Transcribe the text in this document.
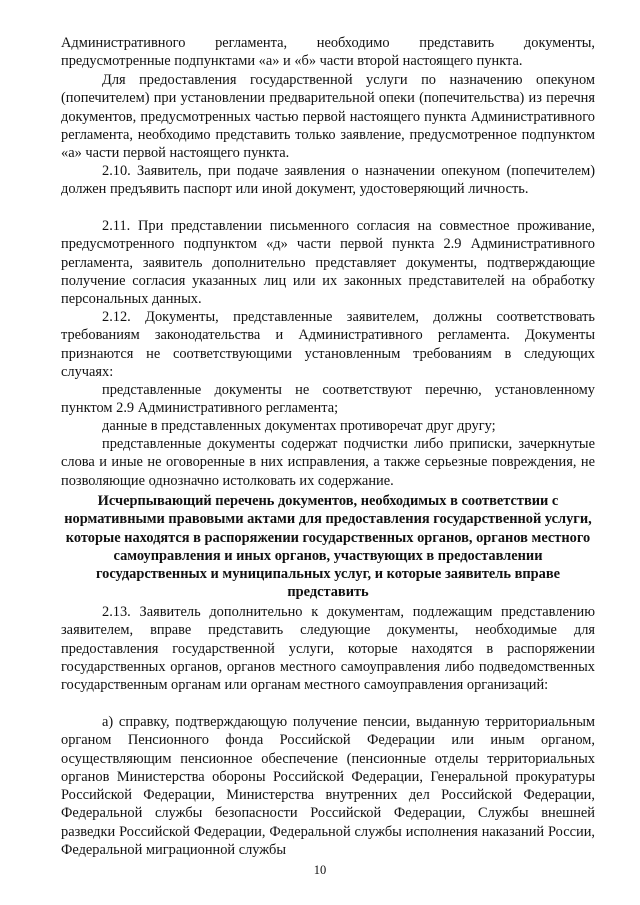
Административного регламента, необходимо представить документы, предусмотренные подпунктами «а» и «б» части второй настоящего пункта.

Для предоставления государственной услуги по назначению опекуном (попечителем) при установлении предварительной опеки (попечительства) из перечня документов, предусмотренных частью первой настоящего пункта Административного регламента, необходимо представить только заявление, предусмотренное подпунктом «а» части первой настоящего пункта.

2.10. Заявитель, при подаче заявления о назначении опекуном (попечителем) должен предъявить паспорт или иной документ, удостоверяющий личность.

2.11. При представлении письменного согласия на совместное проживание, предусмотренного подпунктом «д» части первой пункта 2.9 Административного регламента, заявитель дополнительно представляет документы, подтверждающие получение согласия указанных лиц или их законных представителей на обработку персональных данных.

2.12. Документы, представленные заявителем, должны соответствовать требованиям законодательства и Административного регламента. Документы признаются не соответствующими установленным требованиям в следующих случаях:

представленные документы не соответствуют перечню, установленному пунктом 2.9 Административного регламента;

данные в представленных документах противоречат друг другу;

представленные документы содержат подчистки либо приписки, зачеркнутые слова и иные не оговоренные в них исправления, а также серьезные повреждения, не позволяющие однозначно истолковать их содержание.

Исчерпывающий перечень документов, необходимых в соответствии с нормативными правовыми актами для предоставления государственной услуги, которые находятся в распоряжении государственных органов, органов местного самоуправления и иных органов, участвующих в предоставлении государственных и муниципальных услуг, и которые заявитель вправе представить

2.13. Заявитель дополнительно к документам, подлежащим представлению заявителем, вправе представить следующие документы, необходимые для предоставления государственной услуги, которые находятся в распоряжении государственных органов, органов местного самоуправления либо подведомственных государственным органам или органам местного самоуправления организаций:

а) справку, подтверждающую получение пенсии, выданную территориальным органом Пенсионного фонда Российской Федерации или иным органом, осуществляющим пенсионное обеспечение (пенсионные отделы территориальных органов Министерства обороны Российской Федерации, Генеральной прокуратуры Российской Федерации, Министерства внутренних дел Российской Федерации, Федеральной службы безопасности Российской Федерации, Службы внешней разведки Российской Федерации, Федеральной службы исполнения наказаний России, Федеральной миграционной службы

10
